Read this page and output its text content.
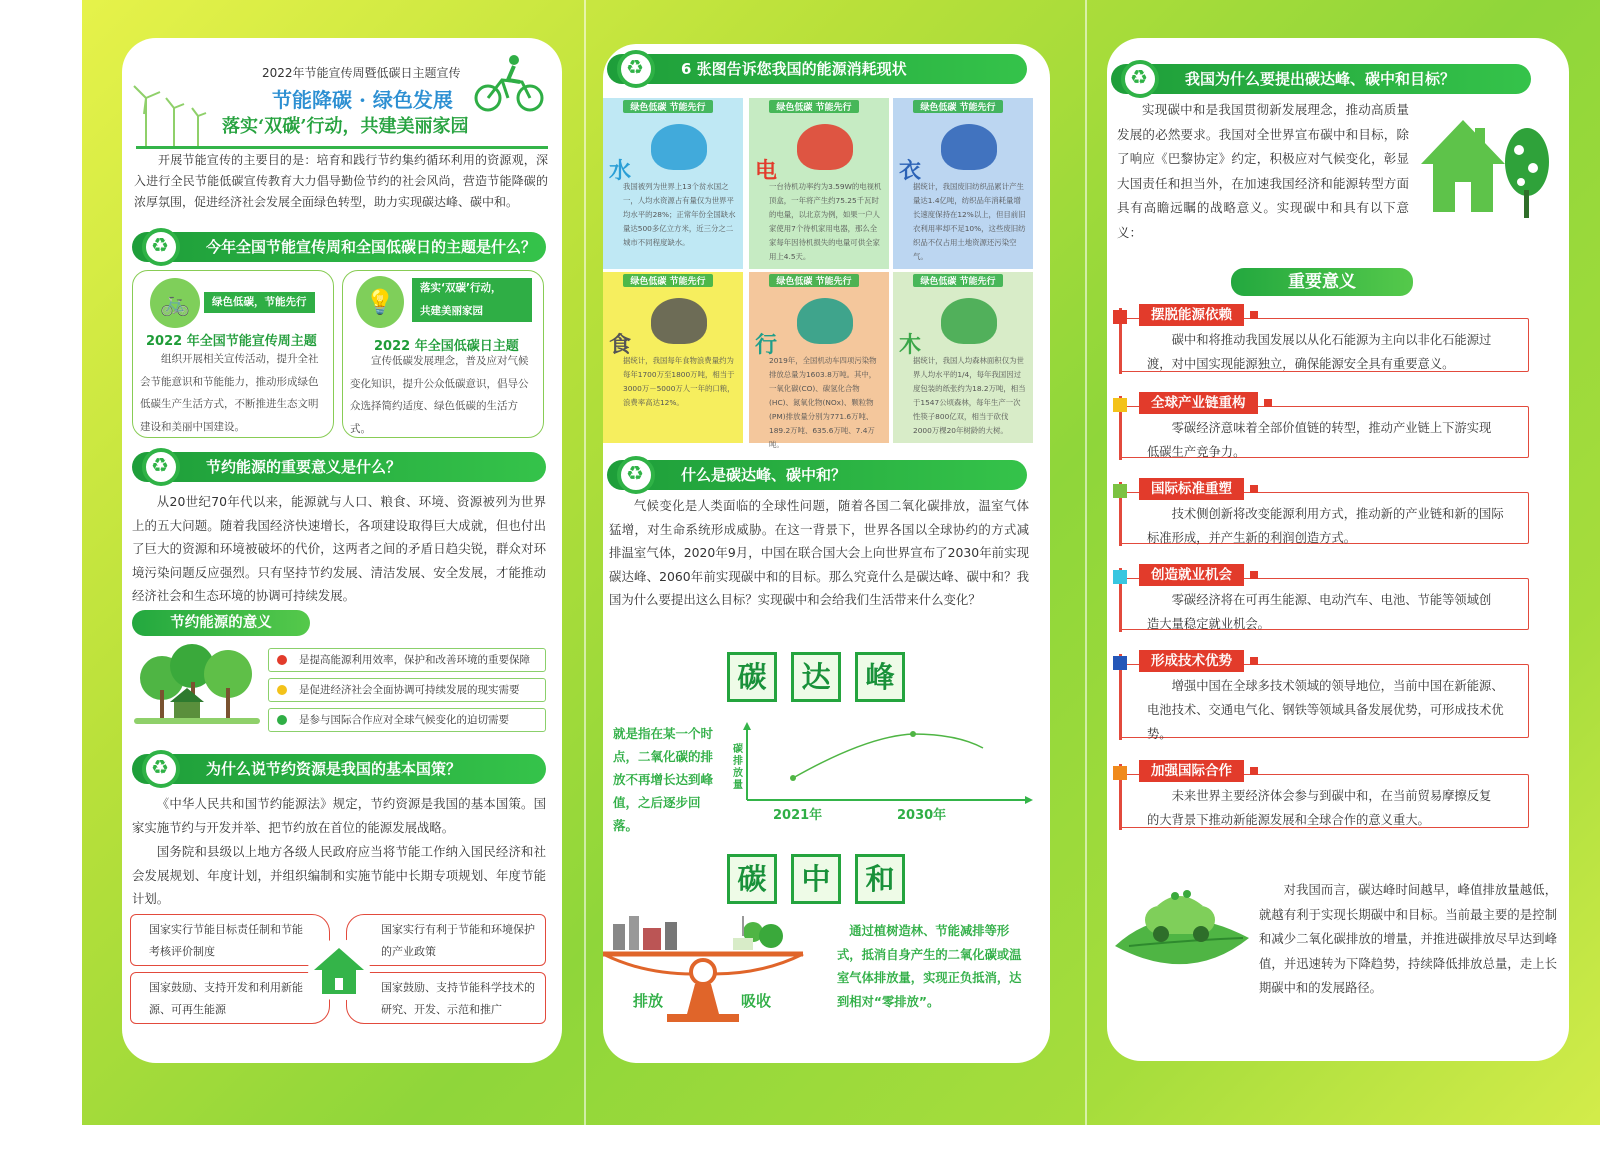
2022年节能宣传周暨低碳日主题宣传
节能降碳 · 绿色发展
落实‘双碳’行动，共建美丽家园
开展节能宣传的主要目的是：培育和践行节约集约循环利用的资源观，深入进行全民节能低碳宣传教育大力倡导勤俭节约的社会风尚，营造节能降碳的浓厚氛围，促进经济社会发展全面绿色转型，助力实现碳达峰、碳中和。
♻
今年全国节能宣传周和全国低碳日的主题是什么？
🚲	绿色低碳，节能先行
2022 年全国节能宣传周主题
组织开展相关宣传活动，提升全社会节能意识和节能能力，推动形成绿色低碳生产生活方式，不断推进生态文明建设和美丽中国建设。
💡	落实‘双碳’行动，
共建美丽家园
2022 年全国低碳日主题
宣传低碳发展理念，普及应对气候变化知识，提升公众低碳意识，倡导公众选择简约适度、绿色低碳的生活方式。
♻
节约能源的重要意义是什么？
从20世纪70年代以来，能源就与人口、粮食、环境、资源被列为世界上的五大问题。随着我国经济快速增长，各项建设取得巨大成就，但也付出了巨大的资源和环境被破坏的代价，这两者之间的矛盾日趋尖锐，群众对环境污染问题反应强烈。只有坚持节约发展、清洁发展、安全发展，才能推动经济社会和生态环境的协调可持续发展。
节约能源的意义
是提高能源利用效率，保护和改善环境的重要保障
是促进经济社会全面协调可持续发展的现实需要
是参与国际合作应对全球气候变化的迫切需要
♻
为什么说节约资源是我国的基本国策？
《中华人民共和国节约能源法》规定，节约资源是我国的基本国策。国家实施节约与开发并举、把节约放在首位的能源发展战略。
国务院和县级以上地方各级人民政府应当将节能工作纳入国民经济和社会发展规划、年度计划，并组织编制和实施节能中长期专项规划、年度节能计划。
国家实行节能目标责任制和节能考核评价制度
国家实行有利于节能和环境保护的产业政策
国家鼓励、支持开发和利用新能源、可再生能源
国家鼓励、支持节能科学技术的研究、开发、示范和推广
♻
6 张图告诉您我国的能源消耗现状
绿色低碳 节能先行
水
我国被列为世界上13个贫水国之一，人均水资源占有量仅为世界平均水平的28%；正常年份全国缺水量达500多亿立方米，近三分之二城市不同程度缺水。
绿色低碳 节能先行
电
一台待机功率约为3.59W的电视机顶盒，一年将产生约75.25千瓦时的电量，以北京为例，如果一户人家使用7个待机家用电器，那么全家每年因待机损失的电量可供全家用上4.5天。
绿色低碳 节能先行
衣
据统计，我国废旧纺织品累计产生量达1.4亿吨，纺织品年消耗量增长速度保持在12%以上，但目前旧衣利用率却不足10%，这些废旧纺织品不仅占用土地资源还污染空气。
绿色低碳 节能先行
食
据统计，我国每年食物浪费量约为每年1700万至1800万吨，相当于3000万－5000万人一年的口粮，浪费率高达12%。
绿色低碳 节能先行
行
2019年，全国机动车四项污染物排放总量为1603.8万吨。其中，一氧化碳(CO)、碳氢化合物(HC)、氮氧化物(NOx)、颗粒物(PM)排放量分别为771.6万吨、189.2万吨、635.6万吨、7.4万吨。
绿色低碳 节能先行
木
据统计，我国人均森林面积仅为世界人均水平的1/4，每年我国因过度包装的纸张约为18.2万吨，相当于1547公顷森林，每年生产一次性筷子800亿双，相当于砍伐2000万棵20年树龄的大树。
♻
什么是碳达峰、碳中和？
气候变化是人类面临的全球性问题，随着各国二氧化碳排放，温室气体猛增，对生命系统形成威胁。在这一背景下，世界各国以全球协约的方式减排温室气体，2020年9月，中国在联合国大会上向世界宣布了2030年前实现碳达峰、2060年前实现碳中和的目标。那么究竟什么是碳达峰、碳中和？我国为什么要提出这么目标？实现碳中和会给我们生活带来什么变化？
碳	达	峰
就是指在某一个时点，二氧化碳的排放不再增长达到峰值，之后逐步回落。
碳排放量
2021年	2030年
碳	中	和
排放	吸收
通过植树造林、节能减排等形式，抵消自身产生的二氧化碳或温室气体排放量，实现正负抵消，达到相对“零排放”。
♻
我国为什么要提出碳达峰、碳中和目标？
实现碳中和是我国贯彻新发展理念，推动高质量发展的必然要求。我国对全世界宣布碳中和目标，除了响应《巴黎协定》约定，积极应对气候变化，彰显大国责任和担当外，在加速我国经济和能源转型方面具有高瞻远瞩的战略意义。实现碳中和具有以下意义：
重要意义
摆脱能源依赖
碳中和将推动我国发展以从化石能源为主向以非化石能源过
渡，对中国实现能源独立，确保能源安全具有重要意义。
全球产业链重构
零碳经济意味着全部价值链的转型，推动产业链上下游实现
低碳生产竞争力。
国际标准重塑
技术侧创新将改变能源利用方式，推动新的产业链和新的国际
标准形成，并产生新的利润创造方式。
创造就业机会
零碳经济将在可再生能源、电动汽车、电池、节能等领域创
造大量稳定就业机会。
形成技术优势
增强中国在全球多技术领域的领导地位，当前中国在新能源、
电池技术、交通电气化、钢铁等领域具备发展优势，可形成技术优
势。
加强国际合作
未来世界主要经济体会参与到碳中和，在当前贸易摩擦反复
的大背景下推动新能源发展和全球合作的意义重大。
对我国而言，碳达峰时间越早，峰值排放量越低，就越有利于实现长期碳中和目标。当前最主要的是控制和减少二氧化碳排放的增量，并推进碳排放尽早达到峰值，并迅速转为下降趋势，持续降低排放总量，走上长期碳中和的发展路径。
